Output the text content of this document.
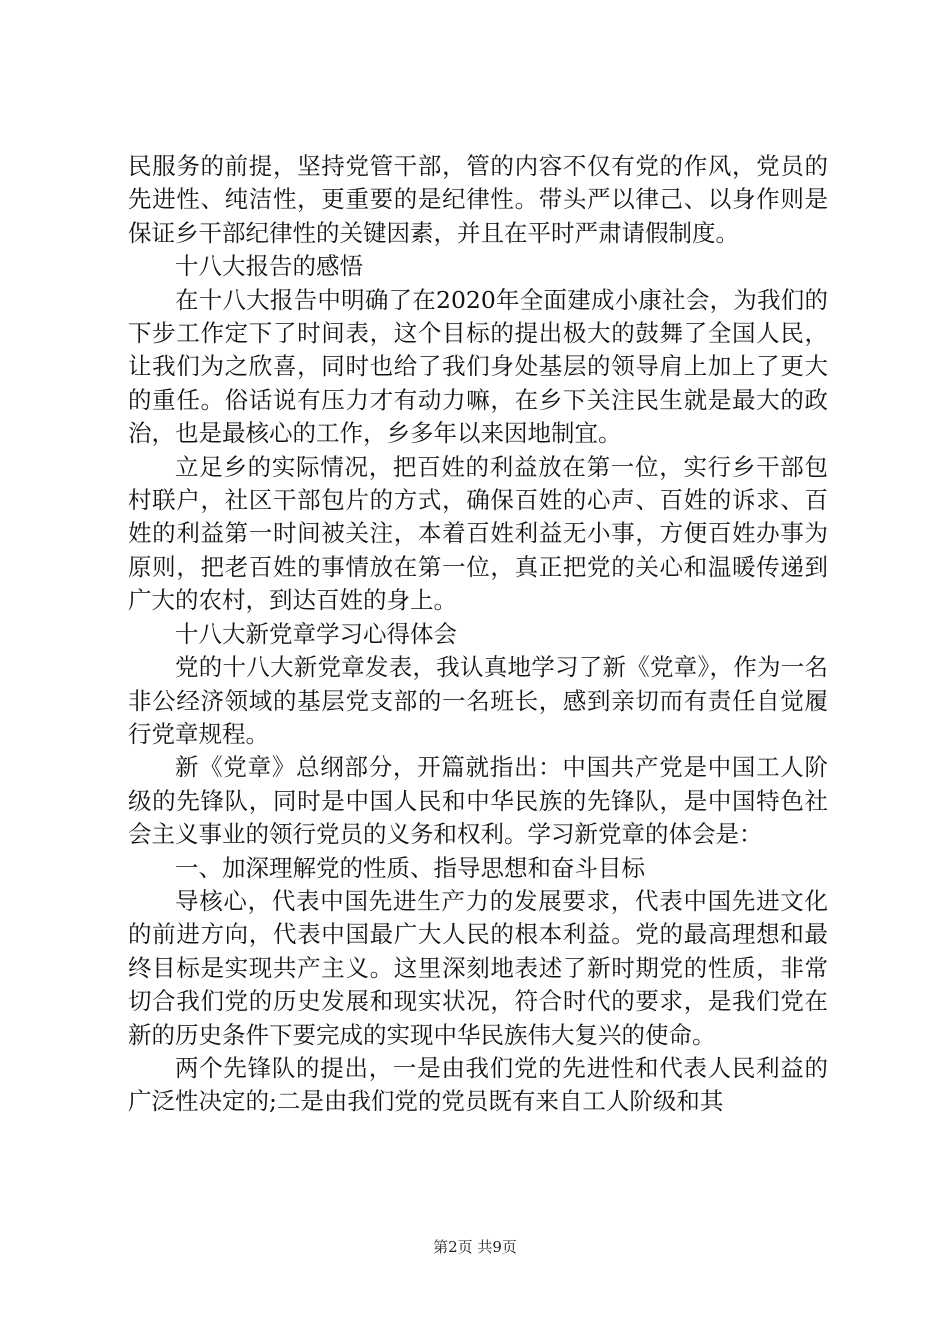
民服务的前提，坚持党管干部，管的内容不仅有党的作风，党员的先进性、纯洁性，更重要的是纪律性。带头严以律己、以身作则是保证乡干部纪律性的关键因素，并且在平时严肃请假制度。

十八大报告的感悟

在十八大报告中明确了在2020年全面建成小康社会，为我们的下步工作定下了时间表，这个目标的提出极大的鼓舞了全国人民，让我们为之欣喜，同时也给了我们身处基层的领导肩上加上了更大的重任。俗话说有压力才有动力嘛，在乡下关注民生就是最大的政治，也是最核心的工作，乡多年以来因地制宜。

立足乡的实际情况，把百姓的利益放在第一位，实行乡干部包村联户，社区干部包片的方式，确保百姓的心声、百姓的诉求、百姓的利益第一时间被关注，本着百姓利益无小事，方便百姓办事为原则，把老百姓的事情放在第一位，真正把党的关心和温暖传递到广大的农村，到达百姓的身上。

十八大新党章学习心得体会

党的十八大新党章发表，我认真地学习了新《党章》，作为一名非公经济领域的基层党支部的一名班长，感到亲切而有责任自觉履行党章规程。

新《党章》总纲部分，开篇就指出：中国共产党是中国工人阶级的先锋队，同时是中国人民和中华民族的先锋队，是中国特色社会主义事业的领行党员的义务和权利。学习新党章的体会是：

一、加深理解党的性质、指导思想和奋斗目标

导核心，代表中国先进生产力的发展要求，代表中国先进文化的前进方向，代表中国最广大人民的根本利益。党的最高理想和最终目标是实现共产主义。这里深刻地表述了新时期党的性质，非常切合我们党的历史发展和现实状况，符合时代的要求，是我们党在新的历史条件下要完成的实现中华民族伟大复兴的使命。

两个先锋队的提出，一是由我们党的先进性和代表人民利益的广泛性决定的;二是由我们党的党员既有来自工人阶级和其

第2页 共9页
